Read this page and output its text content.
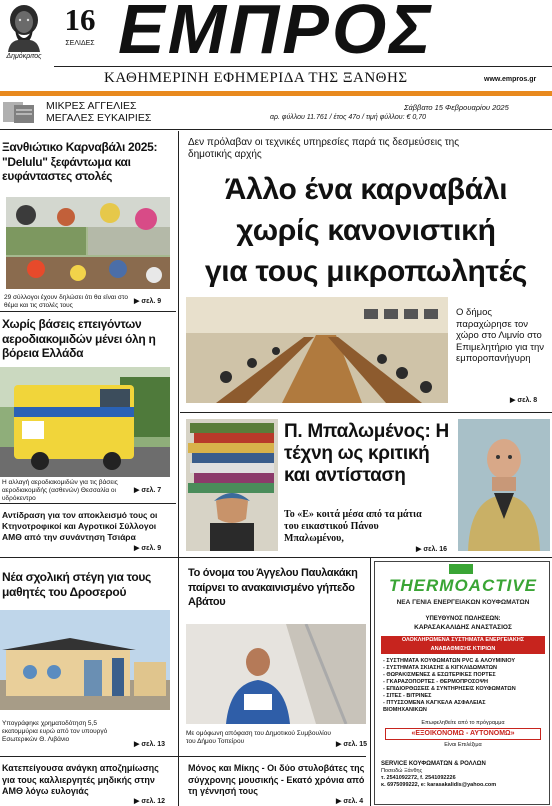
Δημόκριτος
16
ΣΕΛΙΔΕΣ ΕΜΠΡΟΣ
ΚΑΘΗΜΕΡΙΝΗ ΕΦΗΜΕΡΙΔΑ ΤΗΣ ΞΑΝΘΗΣ	www.empros.gr
ΜΙΚΡΕΣ ΑΓΓΕΛΙΕΣ
ΜΕΓΑΛΕΣ ΕΥΚΑΙΡΙΕΣ
Σάββατο 15 Φεβρουαρίου 2025
αρ. φύλλου 11.761 / έτος 47ο / τιμή φύλλου: € 0,70
Ξανθιώτικο Καρναβάλι 2025: "Delulu" ξεφάντωμα και ευφάνταστες στολές
29 σύλλογοι έχουν δηλώσει ότι θα είναι στο θέμα και τις στολές τους
▶ σελ. 9
Χωρίς βάσεις επειγόντων αεροδιακομιδών μένει όλη η βόρεια Ελλάδα
Η αλλαγή αεροδιακομιδών για τις βάσεις αεροδιακομιδής (ασθενών) Θεσσαλία οι υδρόκεντρο
▶ σελ. 7
Αντίδραση για τον αποκλεισμό τους οι Κτηνοτροφικοί και Αγροτικοί Σύλλογοι ΑΜΘ από την συνάντηση Τσιάρα
▶ σελ. 9
Νέα σχολική στέγη για τους μαθητές του Δροσερού
Υπογράφηκε χρηματοδότηση 5,5 εκατομμύρια ευρώ από τον υπουργό Εσωτερικών Θ. Λιβάνιο
▶ σελ. 13
Κατεπείγουσα ανάγκη αποζημίωσης για τους καλλιεργητές μηδικής στην ΑΜΘ λόγω ευλογιάς
▶ σελ. 12
Δεν πρόλαβαν οι τεχνικές υπηρεσίες παρά τις δεσμεύσεις της δημοτικής αρχής
Άλλο ένα καρναβάλι
χωρίς κανονιστική
για τους μικροπωλητές
Ο δήμος παραχώρησε τον χώρο στο Λιμνίο στο Επιμελητήριο για την εμποροπανήγυρη
▶ σελ. 8
Π. Μπαλωμένος: Η τέχνη ως κριτική και αντίσταση
Το «Ε» κοιτά μέσα από τα μάτια του εικαστικού Πάνου Μπαλωμένου,
▶ σελ. 16
Το όνομα του Άγγελου Παυλακάκη παίρνει το ανακαινισμένο γήπεδο Αβάτου
Με ομόφωνη απόφαση του Δημοτικού Συμβουλίου του Δήμου Τοπείρου	▶ σελ. 15
Μόνος και Μίκης - Οι δύο στυλοβάτες της σύγχρονης μουσικής - Εκατό χρόνια από τη γέννησή τους
▶ σελ. 4
THERMOACTIVE
ΝΕΑ ΓΕΝΙΑ ΕΝΕΡΓΕΙΑΚΩΝ ΚΟΥΦΩΜΑΤΩΝ
ΥΠΕΥΘΥΝΟΣ ΠΩΛΗΣΕΩΝ:
ΚΑΡΑΣΑΚΑΛΙΔΗΣ ΑΝΑΣΤΑΣΙΟΣ
ΟΛΟΚΛΗΡΩΜΕΝΑ ΣΥΣΤΗΜΑΤΑ ΕΝΕΡΓΕΙΑΚΗΣ ΑΝΑΒΑΘΜΙΣΗΣ ΚΤΙΡΙΩΝ
- ΣΥΣΤΗΜΑΤΑ ΚΟΥΦΩΜΑΤΩΝ PVC & ΑΛΟΥΜΙΝΙΟΥ
- ΣΥΣΤΗΜΑΤΑ ΣΚΙΑΣΗΣ & ΚΙΓΚΛΙΔΩΜΑΤΩΝ
- ΘΩΡΑΚΙΣΜΕΝΕΣ & ΕΣΩΤΕΡΙΚΕΣ ΠΟΡΤΕΣ
- ΓΚΑΡΑΖΟΠΟΡΤΕΣ - ΘΕΡΜΟΠΡΟΣΟΨΗ
- ΕΠΙΔΙΟΡΘΩΣΕΙΣ & ΣΥΝΤΗΡΗΣΕΙΣ ΚΟΥΦΩΜΑΤΩΝ
- ΣΙΤΕΣ - ΒΙΤΡΙΝΕΣ
- ΠΤΥΣΣΟΜΕΝΑ ΚΑΓΚΕΛΑ ΑΣΦΑΛΕΙΑΣ
ΒΙΟΜΗΧΑΝΙΚΩΝ
Επωφεληθείτε από το πρόγραμμα
«ΕΞΟΙΚΟΝΟΜΩ - ΑΥΤΟΝΟΜΩ»
Είναι Επιλέξιμα
SERVICE ΚΟΥΦΩΜΑΤΩΝ & ΡΟΛΛΩΝ
Ποσειδώ Ξάνθης
τ. 2541092272, f. 2541092226
κ. 6975099222, e: karasakalidis@yahoo.com
